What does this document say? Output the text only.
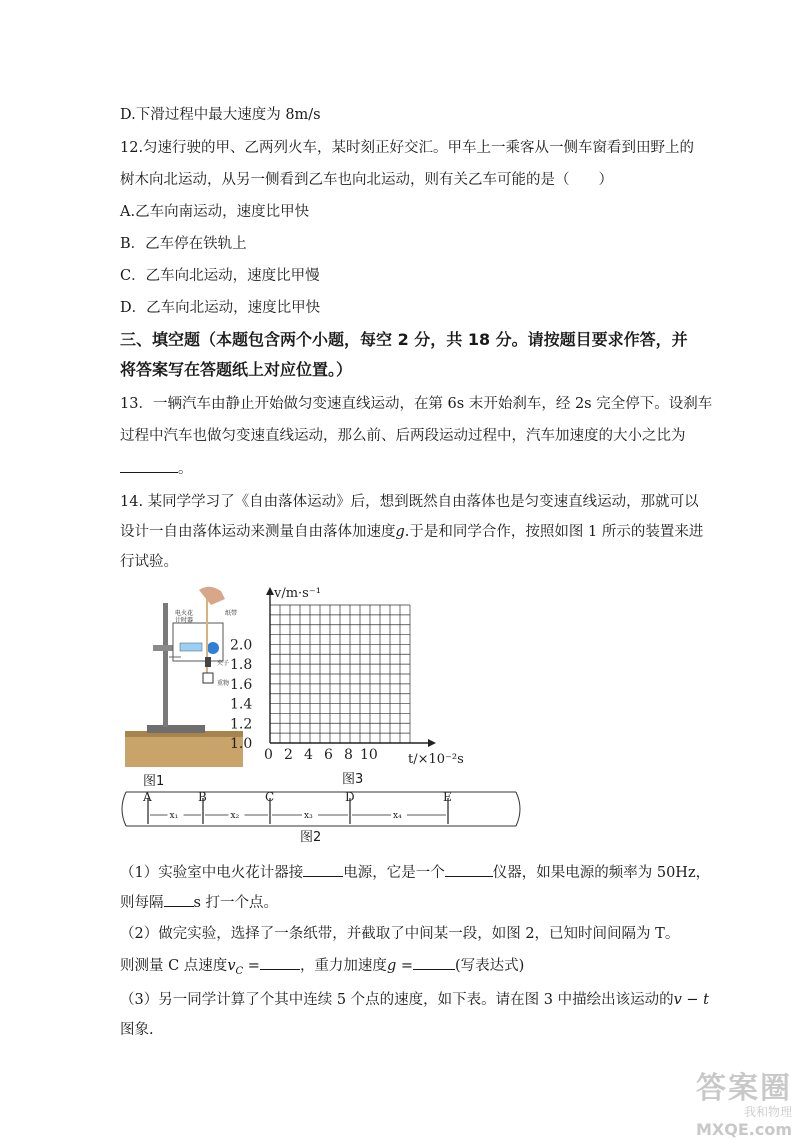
D.下滑过程中最大速度为 8m/s
12.匀速行驶的甲、乙两列火车，某时刻正好交汇。甲车上一乘客从一侧车窗看到田野上的
树木向北运动，从另一侧看到乙车也向北运动，则有关乙车可能的是（　　）
A.乙车向南运动，速度比甲快
B．乙车停在铁轨上
C．乙车向北运动，速度比甲慢
D．乙车向北运动，速度比甲快
三、填空题（本题包含两个小题，每空 2 分，共 18 分。请按题目要求作答，并
将答案写在答题纸上对应位置。）
13．一辆汽车由静止开始做匀变速直线运动，在第 6s 末开始刹车，经 2s 完全停下。设刹车
过程中汽车也做匀变速直线运动，那么前、后两段运动过程中，汽车加速度的大小之比为
。
14. 某同学学习了《自由落体运动》后，想到既然自由落体也是匀变速直线运动，那就可以
设计一自由落体运动来测量自由落体加速度g.于是和同学合作，按照如图 1 所示的装置来进
行试验。
电火花计时器
纸带
夹子
重物
图1
v/m·s⁻¹
t/×10⁻²s
1.0
1.2
1.4
1.6
1.8
2.0
0 2 4 6 8 10
图3
A	B	C	D	E
x₁	x₂	x₃	x₄
图2
（1）实验室中电火花计器接	电源，它是一个	仪器，如果电源的频率为 50Hz，
则每隔 s 打一个点。
（2）做完实验，选择了一条纸带，并截取了中间某一段，如图 2，已知时间间隔为 T。
则测量 C 点速度$v_C$ =	，重力加速度g =	(写表达式)
（3）另一同学计算了个其中连续 5 个点的速度，如下表。请在图 3 中描绘出该运动的v − t
图象.
答案圈
我和物理
MXQE.com
